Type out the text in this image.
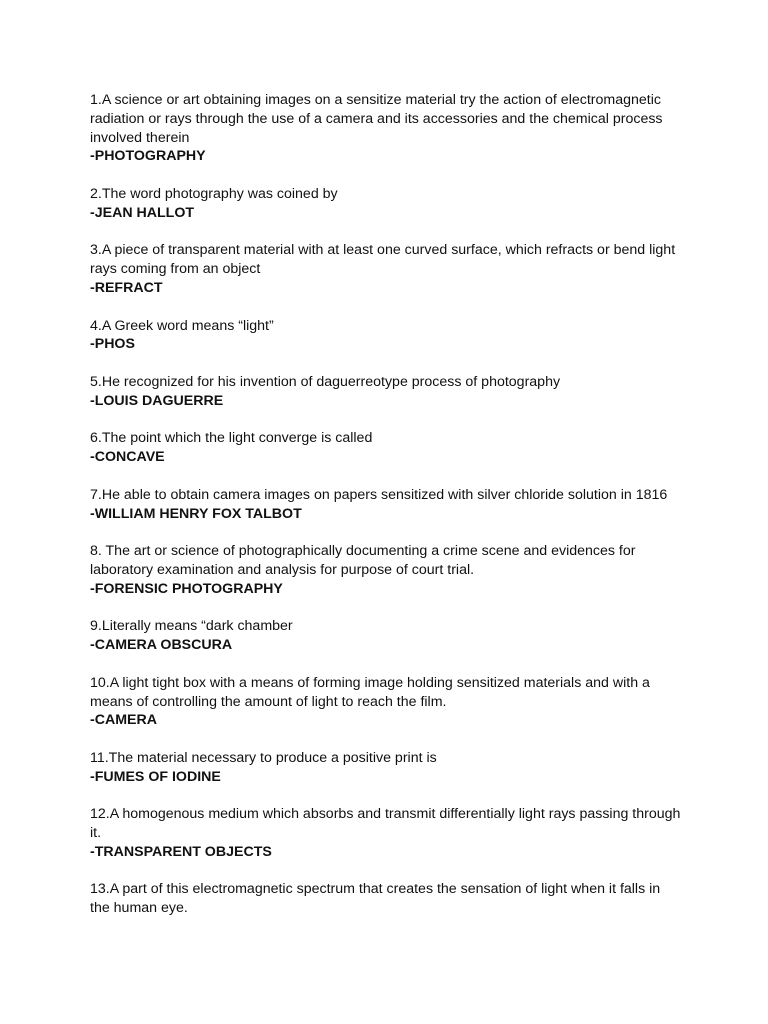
1.A science or art obtaining images on a sensitize material try the action of electromagnetic radiation or rays through the use of a camera and its accessories and the chemical process involved therein

-PHOTOGRAPHY

2.The word photography was coined by

-JEAN HALLOT

3.A piece of transparent material with at least one curved surface, which refracts or bend light rays coming from an object

-REFRACT

4.A Greek word means “light”

-PHOS

5.He recognized for his invention of daguerreotype process of photography

-LOUIS DAGUERRE

6.The point which the light converge is called

-CONCAVE

7.He able to obtain camera images on papers sensitized with silver chloride solution in 1816

-WILLIAM HENRY FOX TALBOT

8. The art or science of photographically documenting a crime scene and evidences for laboratory examination and analysis for purpose of court trial.

-FORENSIC PHOTOGRAPHY

9.Literally means “dark chamber

-CAMERA OBSCURA

10.A light tight box with a means of forming image holding sensitized materials and with a means of controlling the amount of light to reach the film.

-CAMERA

11.The material necessary to produce a positive print is

-FUMES OF IODINE

12.A homogenous medium which absorbs and transmit differentially light rays passing through it.

-TRANSPARENT OBJECTS

13.A part of this electromagnetic spectrum that creates the sensation of light when it falls in the human eye.
